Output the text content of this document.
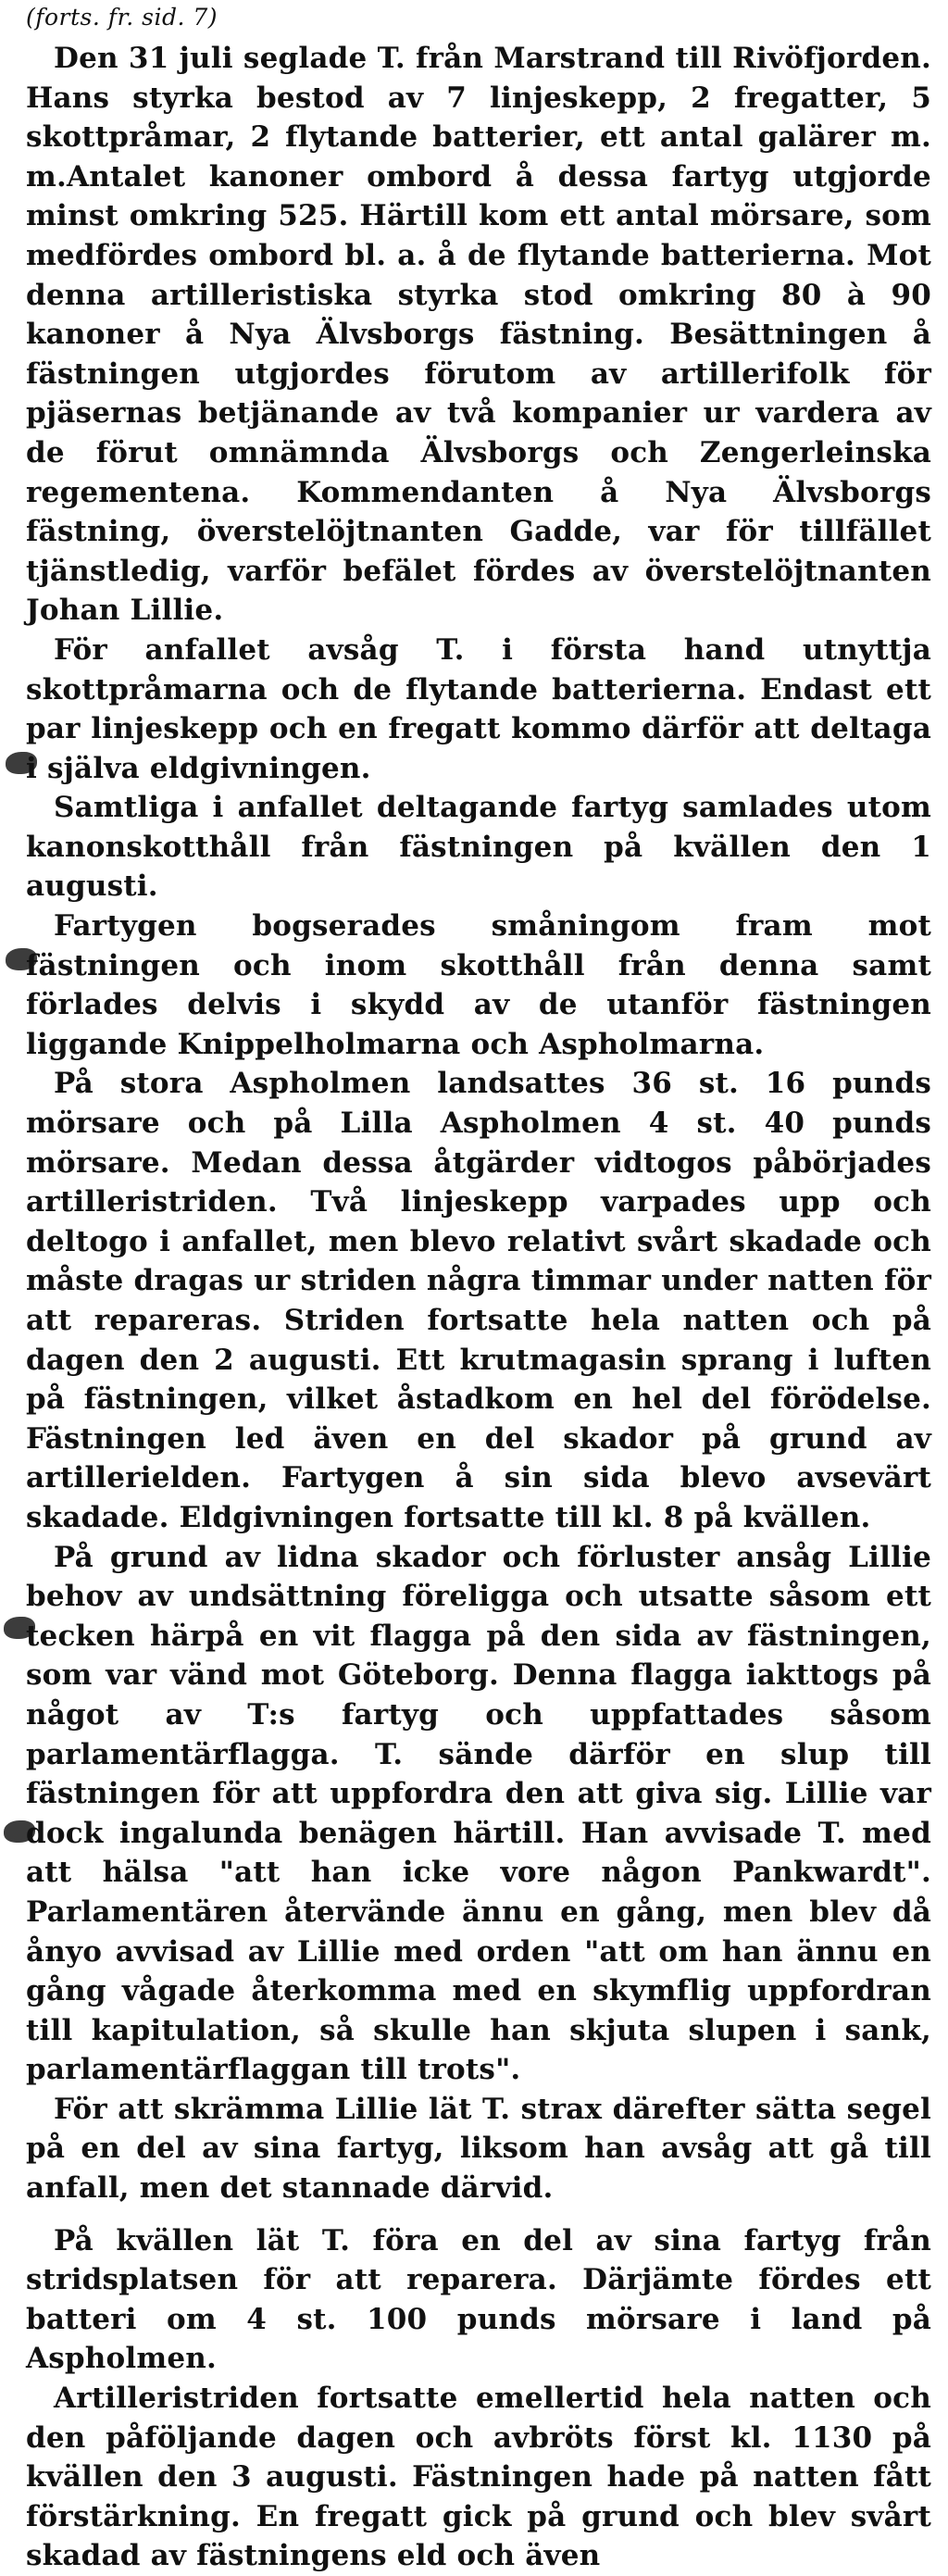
(forts. fr. sid. 7)

Den 31 juli seglade T. från Marstrand till Rivöfjorden. Hans styrka bestod av 7 linjeskepp, 2 fregatter, 5 skottpråmar, 2 flytande batterier, ett antal galärer m. m.Antalet kanoner ombord å dessa fartyg utgjorde minst omkring 525. Härtill kom ett antal mörsare, som medfördes ombord bl. a. å de flytande batterierna. Mot denna artilleristiska styrka stod omkring 80 à 90 kanoner å Nya Älvsborgs fästning. Besättningen å fästningen utgjordes förutom av artillerifolk för pjäsernas betjänande av två kompanier ur vardera av de förut omnämnda Älvsborgs och Zengerleinska regementena. Kommendanten å Nya Älvsborgs fästning, överstelöjtnanten Gadde, var för tillfället tjänstledig, varför befälet fördes av överstelöjtnanten Johan Lillie.

För anfallet avsåg T. i första hand utnyttja skottpråmarna och de flytande batterierna. Endast ett par linjeskepp och en fregatt kommo därför att deltaga i själva eldgivningen.

Samtliga i anfallet deltagande fartyg samlades utom kanonskotthåll från fästningen på kvällen den 1 augusti.

Fartygen bogserades småningom fram mot fästningen och inom skotthåll från denna samt förlades delvis i skydd av de utanför fästningen liggande Knippelholmarna och Aspholmarna.

På stora Aspholmen landsattes 36 st. 16 punds mörsare och på Lilla Aspholmen 4 st. 40 punds mörsare. Medan dessa åtgärder vidtogos påbörjades artilleristriden. Två linjeskepp varpades upp och deltogo i anfallet, men blevo relativt svårt skadade och måste dragas ur striden några timmar under natten för att repareras. Striden fortsatte hela natten och på dagen den 2 augusti. Ett krutmagasin sprang i luften på fästningen, vilket åstadkom en hel del förödelse. Fästningen led även en del skador på grund av artillerielden. Fartygen å sin sida blevo avsevärt skadade. Eldgivningen fortsatte till kl. 8 på kvällen.

På grund av lidna skador och förluster ansåg Lillie behov av undsättning föreligga och utsatte såsom ett tecken härpå en vit flagga på den sida av fästningen, som var vänd mot Göteborg. Denna flagga iakttogs på något av T:s fartyg och uppfattades såsom parlamentärflagga. T. sände därför en slup till fästningen för att uppfordra den att giva sig. Lillie var dock ingalunda benägen härtill. Han avvisade T. med att hälsa "att han icke vore någon Pankwardt". Parlamentären återvände ännu en gång, men blev då ånyo avvisad av Lillie med orden "att om han ännu en gång vågade återkomma med en skymflig uppfordran till kapitulation, så skulle han skjuta slupen i sank, parlamentärflaggan till trots".

För att skrämma Lillie lät T. strax därefter sätta segel på en del av sina fartyg, liksom han avsåg att gå till anfall, men det stannade därvid.

På kvällen lät T. föra en del av sina fartyg från stridsplatsen för att reparera. Därjämte fördes ett batteri om 4 st. 100 punds mörsare i land på Aspholmen.

Artilleristriden fortsatte emellertid hela natten och den påföljande dagen och avbröts först kl. 1130 på kvällen den 3 augusti. Fästningen hade på natten fått förstärkning. En fregatt gick på grund och blev svårt skadad av fästningens eld och även
